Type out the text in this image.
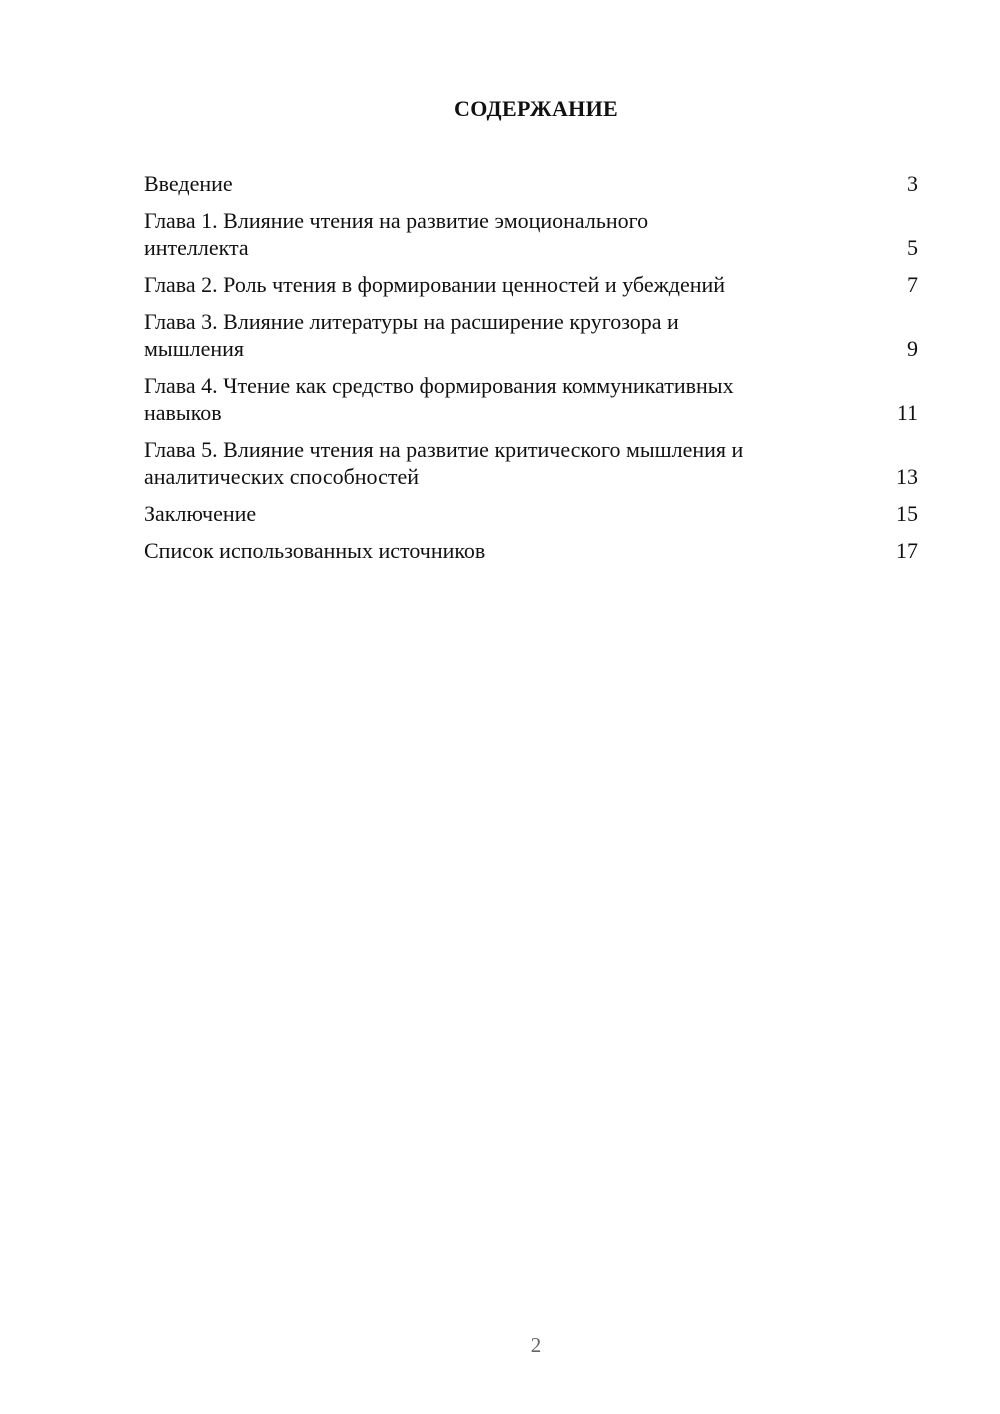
СОДЕРЖАНИЕ
Введение	3
Глава 1. Влияние чтения на развитие эмоционального
интеллекта	5
Глава 2. Роль чтения в формировании ценностей и убеждений	7
Глава 3. Влияние литературы на расширение кругозора и
мышления	9
Глава 4. Чтение как средство формирования коммуникативных
навыков	11
Глава 5. Влияние чтения на развитие критического мышления и
аналитических способностей	13
Заключение	15
Список использованных источников	17
2
